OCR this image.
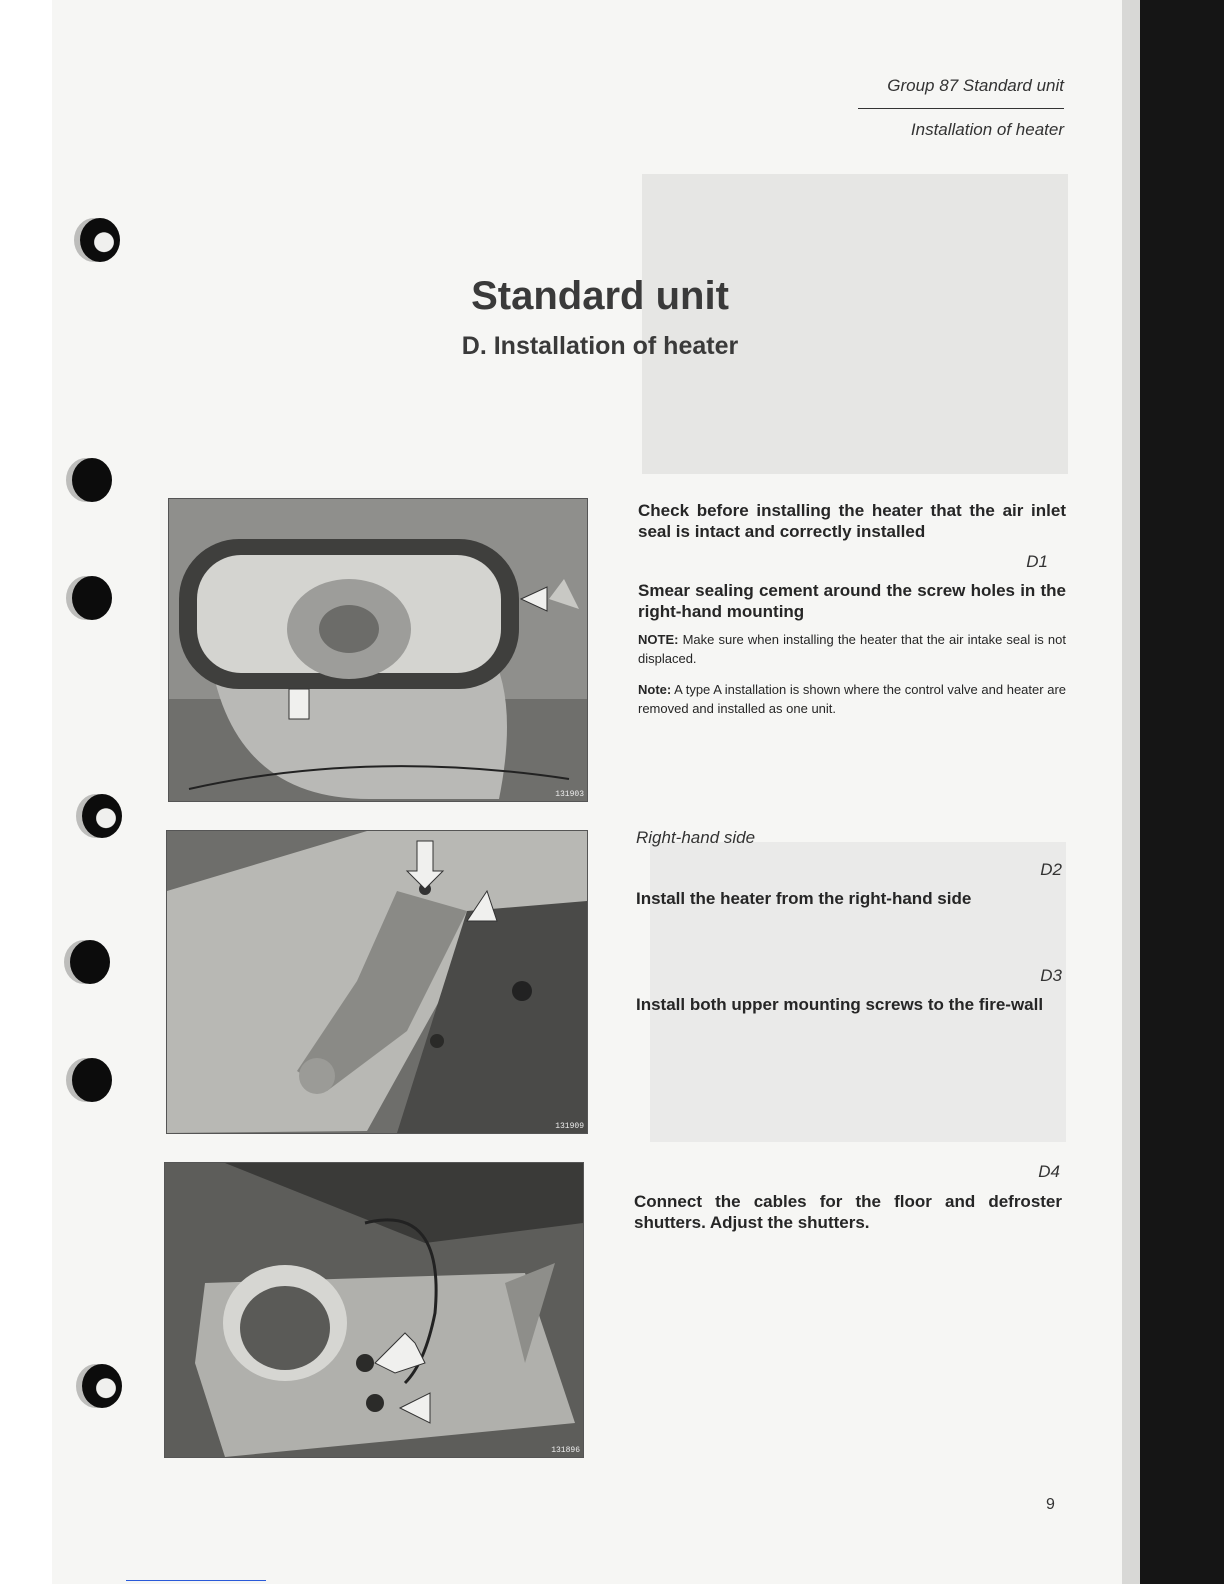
Group 87 Standard unit
Installation of heater
Standard unit
D. Installation of heater
131903
131909
131896
Check before installing the heater that the air inlet seal is intact and correctly installed
D1
Smear sealing cement around the screw holes in the right-hand mounting
NOTE: Make sure when installing the heater that the air intake seal is not displaced.
Note: A type A installation is shown where the control valve and heater are removed and installed as one unit.
Right-hand side
D2
Install the heater from the right-hand side
D3
Install both upper mounting screws to the fire-wall
D4
Connect the cables for the floor and defroster shutters. Adjust the shutters.
9
